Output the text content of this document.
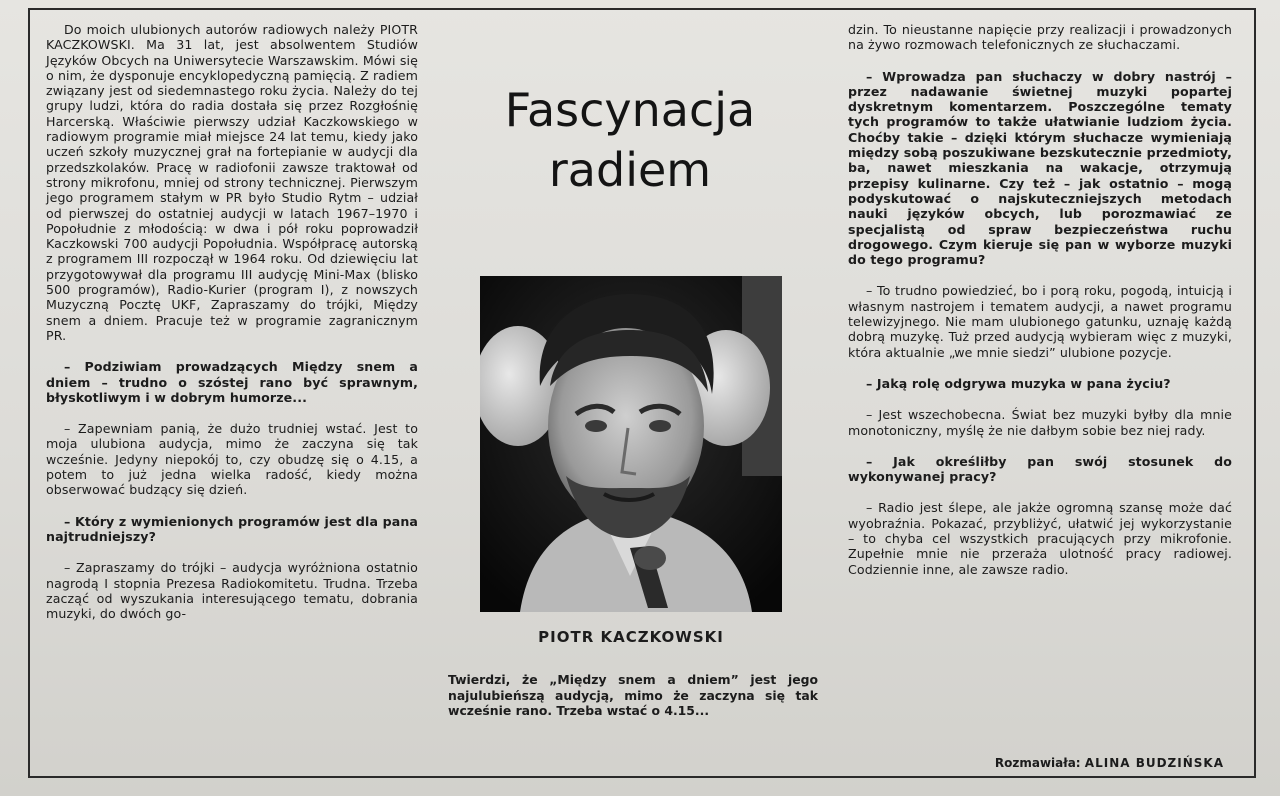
Do moich ulubionych autorów radiowych należy PIOTR KACZKOWSKI. Ma 31 lat, jest absolwentem Studiów Języków Obcych na Uniwersytecie Warszawskim. Mówi się o nim, że dysponuje encyklopedyczną pamięcią. Z radiem związany jest od siedemnastego roku życia. Należy do tej grupy ludzi, która do radia dostała się przez Rozgłośnię Harcerską. Właściwie pierwszy udział Kaczkowskiego w radiowym programie miał miejsce 24 lat temu, kiedy jako uczeń szkoły muzycznej grał na fortepianie w audycji dla przedszkolaków. Pracę w radiofonii zawsze traktował od strony mikrofonu, mniej od strony technicznej. Pierwszym jego programem stałym w PR było Studio Rytm – udział od pierwszej do ostatniej audycji w latach 1967–1970 i Popołudnie z młodością: w dwa i pół roku poprowadził Kaczkowski 700 audycji Popołudnia. Współpracę autorską z programem III rozpoczął w 1964 roku. Od dziewięciu lat przygotowywał dla programu III audycję Mini-Max (blisko 500 programów), Radio-Kurier (program I), z nowszych Muzyczną Pocztę UKF, Zapraszamy do trójki, Między snem a dniem. Pracuje też w programie zagranicznym PR.

– Podziwiam prowadzących Między snem a dniem – trudno o szóstej rano być sprawnym, błyskotliwym i w dobrym humorze...

– Zapewniam panią, że dużo trudniej wstać. Jest to moja ulubiona audycja, mimo że zaczyna się tak wcześnie. Jedyny niepokój to, czy obudzę się o 4.15, a potem to już jedna wielka radość, kiedy można obserwować budzący się dzień.

– Który z wymienionych programów jest dla pana najtrudniejszy?

– Zapraszamy do trójki – audycja wyróżniona ostatnio nagrodą I stopnia Prezesa Radiokomitetu. Trudna. Trzeba zacząć od wyszukania interesującego tematu, dobrania muzyki, do dwóch go-

Fascynacja
radiem
PIOTR KACZKOWSKI
Twierdzi, że „Między snem a dniem” jest jego najulubieńszą audycją, mimo że zaczyna się tak wcześnie rano. Trzeba wstać o 4.15...

dzin. To nieustanne napięcie przy realizacji i prowadzonych na żywo rozmowach telefonicznych ze słuchaczami.

– Wprowadza pan słuchaczy w dobry nastrój – przez nadawanie świetnej muzyki popartej dyskretnym komentarzem. Poszczególne tematy tych programów to także ułatwianie ludziom życia. Choćby takie – dzięki którym słuchacze wymieniają między sobą poszukiwane bezskutecznie przedmioty, ba, nawet mieszkania na wakacje, otrzymują przepisy kulinarne. Czy też – jak ostatnio – mogą podyskutować o najskuteczniejszych metodach nauki języków obcych, lub porozmawiać ze specjalistą od spraw bezpieczeństwa ruchu drogowego. Czym kieruje się pan w wyborze muzyki do tego programu?

– To trudno powiedzieć, bo i porą roku, pogodą, intuicją i własnym nastrojem i tematem audycji, a nawet programu telewizyjnego. Nie mam ulubionego gatunku, uznaję każdą dobrą muzykę. Tuż przed audycją wybieram więc z muzyki, która aktualnie „we mnie siedzi” ulubione pozycje.

– Jaką rolę odgrywa muzyka w pana życiu?

– Jest wszechobecna. Świat bez muzyki byłby dla mnie monotoniczny, myślę że nie dałbym sobie bez niej rady.

– Jak określiłby pan swój stosunek do wykonywanej pracy?

– Radio jest ślepe, ale jakże ogromną szansę może dać wyobraźnia. Pokazać, przybliżyć, ułatwić jej wykorzystanie – to chyba cel wszystkich pracujących przy mikrofonie. Zupełnie mnie nie przeraża ulotność pracy radiowej. Codziennie inne, ale zawsze radio.

Rozmawiała: ALINA BUDZIŃSKA
